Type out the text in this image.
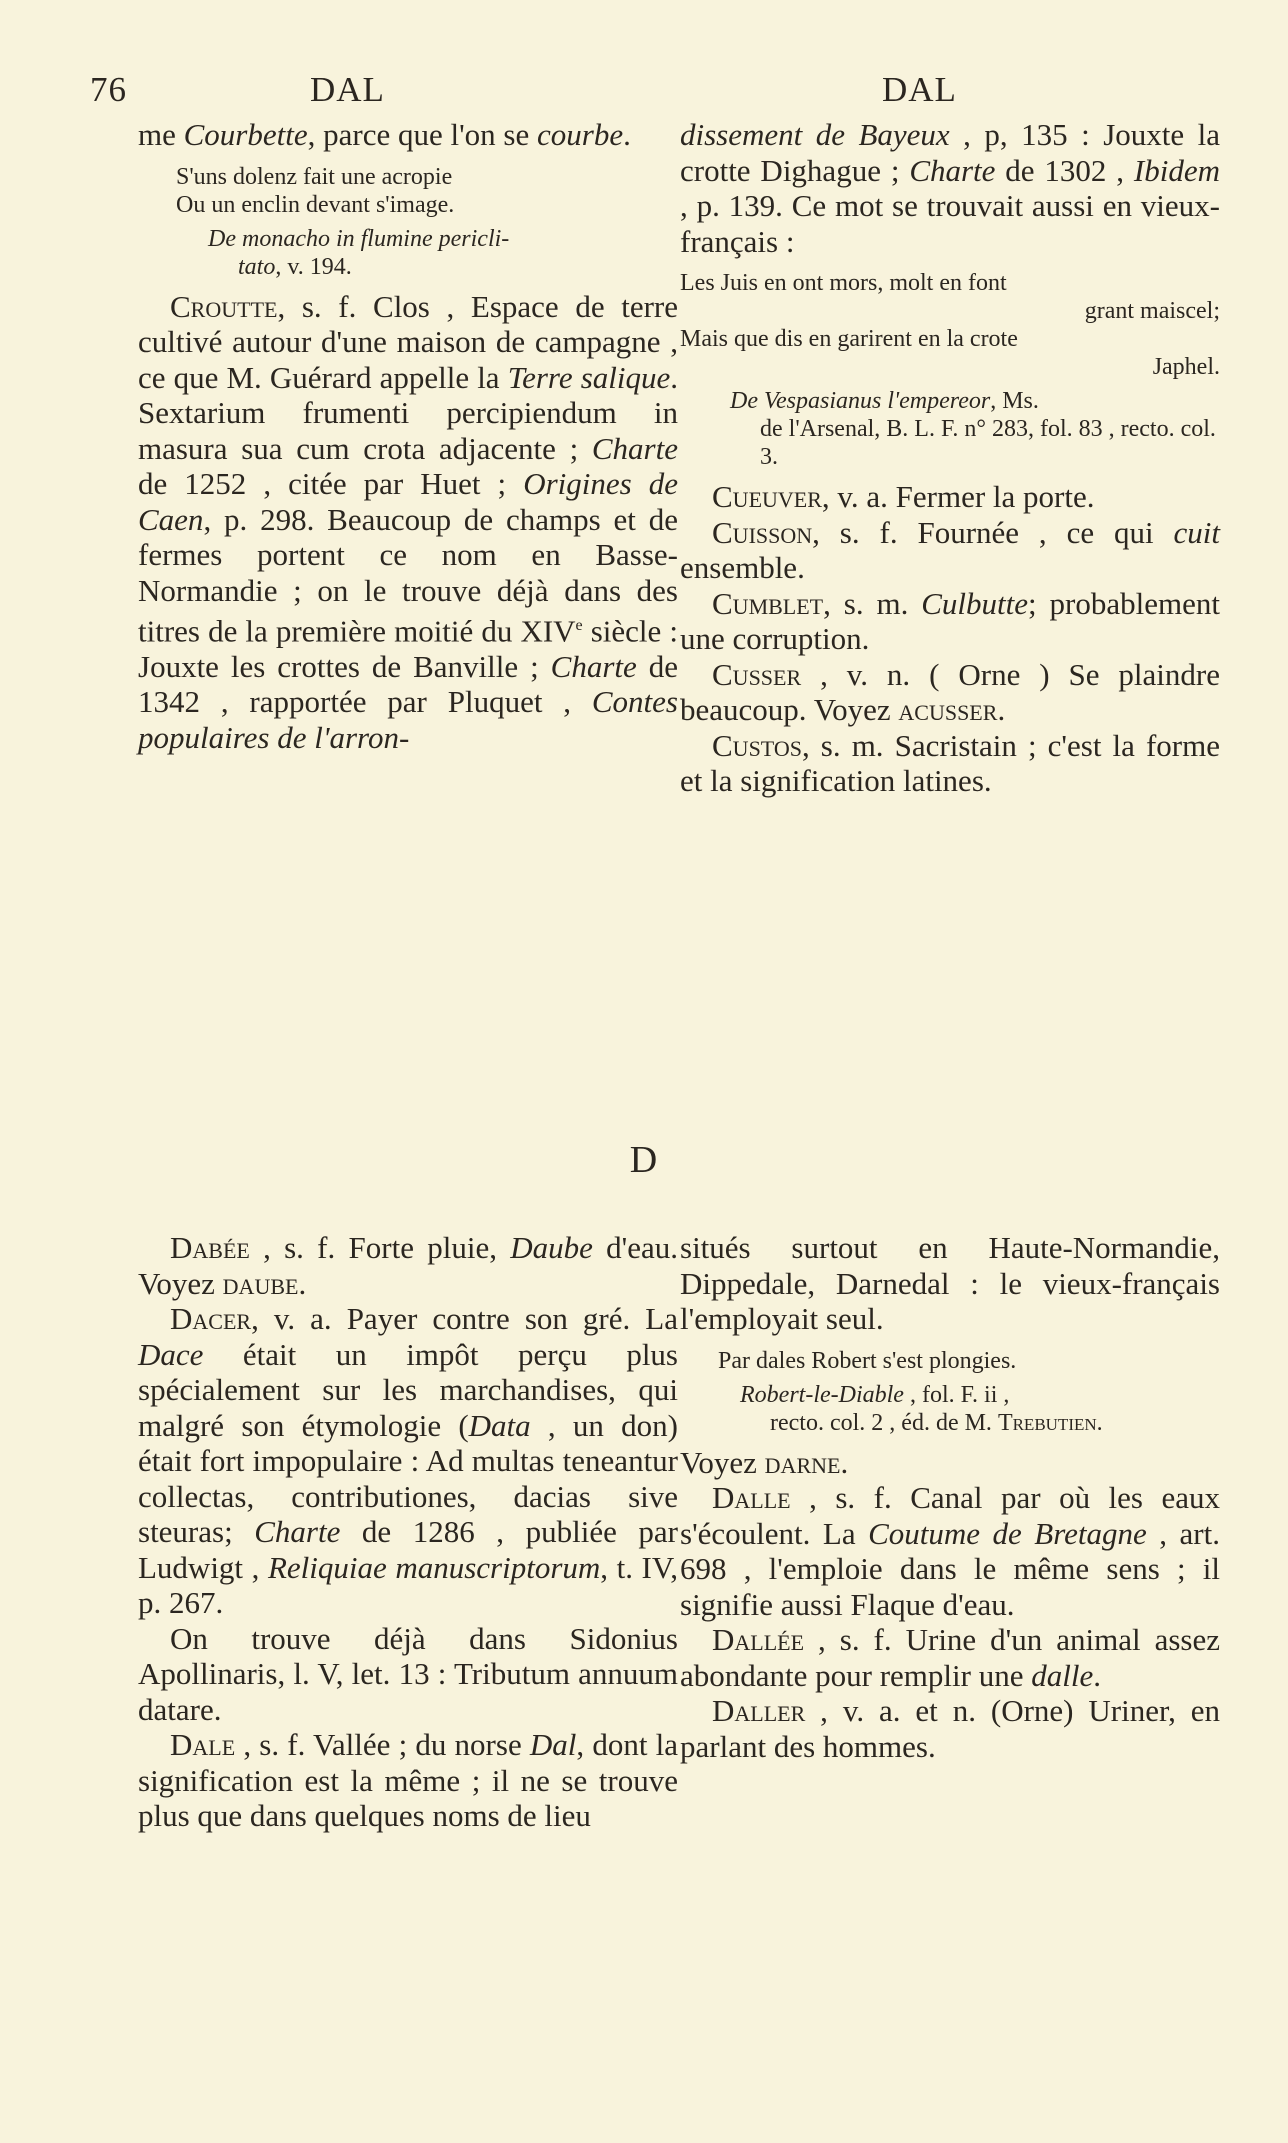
76	DAL	DAL

me Courbette, parce que l'on se courbe.

S'uns dolenz fait une acropie
Ou un enclin devant s'image.

De monacho in flumine pericli-
tato, v. 194.

Croutte, s. f. Clos , Espace de terre cultivé autour d'une maison de campagne , ce que M. Guérard appelle la Terre salique. Sextarium frumenti percipiendum in masura sua cum crota adjacente ; Charte de 1252 , citée par Huet ; Origines de Caen, p. 298. Beaucoup de champs et de fermes portent ce nom en Basse-Normandie ; on le trouve déjà dans des titres de la première moitié du XIVe siècle : Jouxte les crottes de Banville ; Charte de 1342 , rapportée par Pluquet , Contes populaires de l'arron-

dissement de Bayeux , p, 135 : Jouxte la crotte Dighague ; Charte de 1302 , Ibidem , p. 139. Ce mot se trouvait aussi en vieux-français :

Les Juis en ont mors, molt en font
grant maiscel;
Mais que dis en garirent en la crote
Japhel.

De Vespasianus l'empereor, Ms.
de l'Arsenal, B. L. F. n° 283, fol. 83 , recto. col. 3.

Cueuver, v. a. Fermer la porte.

Cuisson, s. f. Fournée , ce qui cuit ensemble.

Cumblet, s. m. Culbutte; probablement une corruption.

Cusser , v. n. ( Orne ) Se plaindre beaucoup. Voyez acusser.

Custos, s. m. Sacristain ; c'est la forme et la signification latines.

D

Dabée , s. f. Forte pluie, Daube d'eau. Voyez daube.

Dacer, v. a. Payer contre son gré. La Dace était un impôt perçu plus spécialement sur les marchandises, qui malgré son étymologie (Data , un don) était fort impopulaire : Ad multas teneantur collectas, contributiones, dacias sive steuras; Charte de 1286 , publiée par Ludwigt , Reliquiae manuscriptorum, t. IV, p. 267.

On trouve déjà dans Sidonius Apollinaris, l. V, let. 13 : Tributum annuum datare.

Dale , s. f. Vallée ; du norse Dal, dont la signification est la même ; il ne se trouve plus que dans quelques noms de lieu

situés surtout en Haute-Normandie, Dippedale, Darnedal : le vieux-français l'employait seul.

Par dales Robert s'est plongies.

Robert-le-Diable , fol. F. ii ,
recto. col. 2 , éd. de M. Trebutien.

Voyez darne.

Dalle , s. f. Canal par où les eaux s'écoulent. La Coutume de Bretagne , art. 698 , l'emploie dans le même sens ; il signifie aussi Flaque d'eau.

Dallée , s. f. Urine d'un animal assez abondante pour remplir une dalle.

Daller , v. a. et n. (Orne) Uriner, en parlant des hommes.
